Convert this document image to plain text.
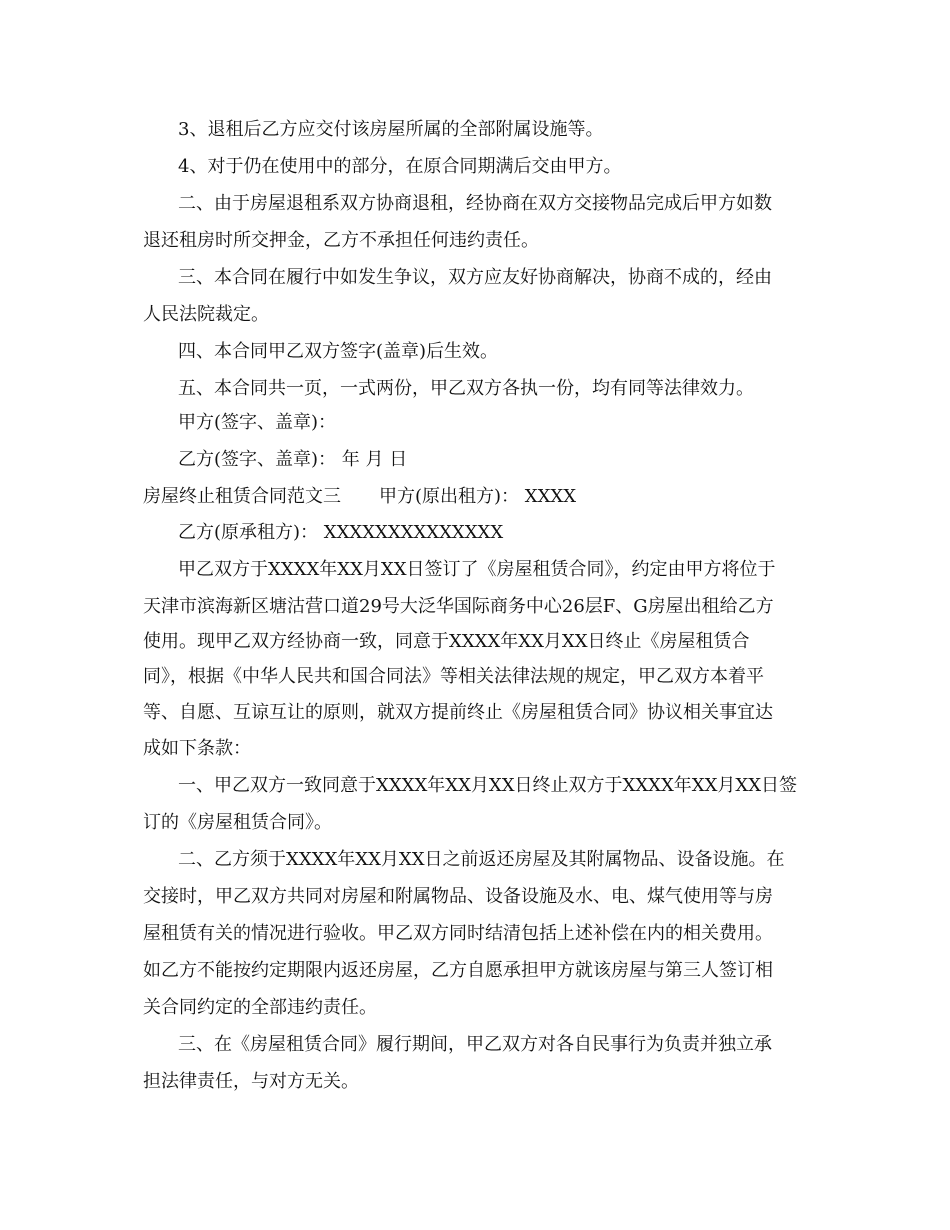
3、退租后乙方应交付该房屋所属的全部附属设施等。
4、对于仍在使用中的部分，在原合同期满后交由甲方。
二、由于房屋退租系双方协商退租，经协商在双方交接物品完成后甲方如数
退还租房时所交押金，乙方不承担任何违约责任。
三、本合同在履行中如发生争议，双方应友好协商解决，协商不成的，经由
人民法院裁定。
四、本合同甲乙双方签字(盖章)后生效。
五、本合同共一页，一式两份，甲乙双方各执一份，均有同等法律效力。
甲方(签字、盖章)：
乙方(签字、盖章)： 年 月 日
房屋终止租赁合同范文三 甲方(原出租方)： XXXX
乙方(原承租方)： XXXXXXXXXXXXXX
甲乙双方于XXXX年XX月XX日签订了《房屋租赁合同》，约定由甲方将位于
天津市滨海新区塘沽营口道29号大泛华国际商务中心26层F、G房屋出租给乙方
使用。现甲乙双方经协商一致，同意于XXXX年XX月XX日终止《房屋租赁合
同》，根据《中华人民共和国合同法》等相关法律法规的规定，甲乙双方本着平
等、自愿、互谅互让的原则，就双方提前终止《房屋租赁合同》协议相关事宜达
成如下条款：
一、甲乙双方一致同意于XXXX年XX月XX日终止双方于XXXX年XX月XX日签
订的《房屋租赁合同》。
二、乙方须于XXXX年XX月XX日之前返还房屋及其附属物品、设备设施。在
交接时，甲乙双方共同对房屋和附属物品、设备设施及水、电、煤气使用等与房
屋租赁有关的情况进行验收。甲乙双方同时结清包括上述补偿在内的相关费用。
如乙方不能按约定期限内返还房屋，乙方自愿承担甲方就该房屋与第三人签订相
关合同约定的全部违约责任。
三、在《房屋租赁合同》履行期间，甲乙双方对各自民事行为负责并独立承
担法律责任，与对方无关。
